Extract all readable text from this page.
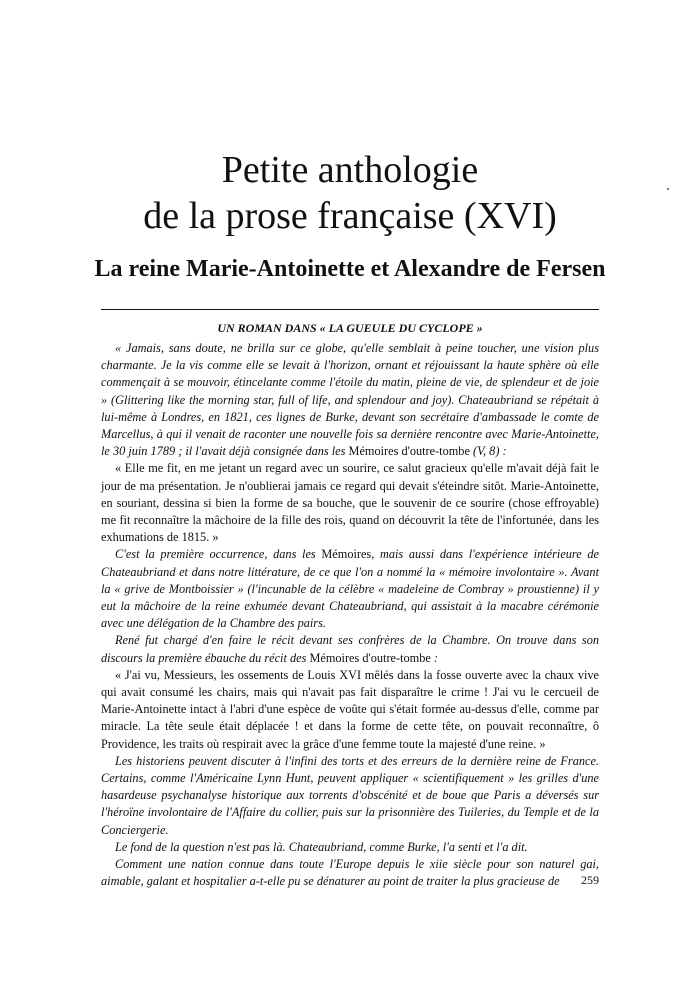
Petite anthologie
de la prose française (XVI)
La reine Marie-Antoinette et Alexandre de Fersen
UN ROMAN DANS « LA GUEULE DU CYCLOPE »

« Jamais, sans doute, ne brilla sur ce globe, qu'elle semblait à peine toucher, une vision plus charmante. Je la vis comme elle se levait à l'horizon, ornant et réjouissant la haute sphère où elle commençait à se mouvoir, étincelante comme l'étoile du matin, pleine de vie, de splendeur et de joie » (Glittering like the morning star, full of life, and splendour and joy). Chateaubriand se répétait à lui-même à Londres, en 1821, ces lignes de Burke, devant son secrétaire d'ambassade le comte de Marcellus, à qui il venait de raconter une nouvelle fois sa dernière rencontre avec Marie-Antoinette, le 30 juin 1789 ; il l'avait déjà consignée dans les Mémoires d'outre-tombe (V, 8) :

« Elle me fit, en me jetant un regard avec un sourire, ce salut gracieux qu'elle m'avait déjà fait le jour de ma présentation. Je n'oublierai jamais ce regard qui devait s'éteindre sitôt. Marie-Antoinette, en souriant, dessina si bien la forme de sa bouche, que le souvenir de ce sourire (chose effroyable) me fit reconnaître la mâchoire de la fille des rois, quand on découvrit la tête de l'infortunée, dans les exhumations de 1815. »

C'est la première occurrence, dans les Mémoires, mais aussi dans l'expérience intérieure de Chateaubriand et dans notre littérature, de ce que l'on a nommé la « mémoire involontaire ». Avant la « grive de Montboissier » (l'incunable de la célèbre « madeleine de Combray » proustienne) il y eut la mâchoire de la reine exhumée devant Chateaubriand, qui assistait à la macabre cérémonie avec une délégation de la Chambre des pairs.

René fut chargé d'en faire le récit devant ses confrères de la Chambre. On trouve dans son discours la première ébauche du récit des Mémoires d'outre-tombe :

« J'ai vu, Messieurs, les ossements de Louis XVI mêlés dans la fosse ouverte avec la chaux vive qui avait consumé les chairs, mais qui n'avait pas fait disparaître le crime ! J'ai vu le cercueil de Marie-Antoinette intact à l'abri d'une espèce de voûte qui s'était formée au-dessus d'elle, comme par miracle. La tête seule était déplacée ! et dans la forme de cette tête, on pouvait reconnaître, ô Providence, les traits où respirait avec la grâce d'une femme toute la majesté d'une reine. »

Les historiens peuvent discuter à l'infini des torts et des erreurs de la dernière reine de France. Certains, comme l'Américaine Lynn Hunt, peuvent appliquer « scientifiquement » les grilles d'une hasardeuse psychanalyse historique aux torrents d'obscénité et de boue que Paris a déversés sur l'héroïne involontaire de l'Affaire du collier, puis sur la prisonnière des Tuileries, du Temple et de la Conciergerie.

Le fond de la question n'est pas là. Chateaubriand, comme Burke, l'a senti et l'a dit.

Comment une nation connue dans toute l'Europe depuis le xiie siècle pour son naturel gai, aimable, galant et hospitalier a-t-elle pu se dénaturer au point de traiter la plus gracieuse de	259
